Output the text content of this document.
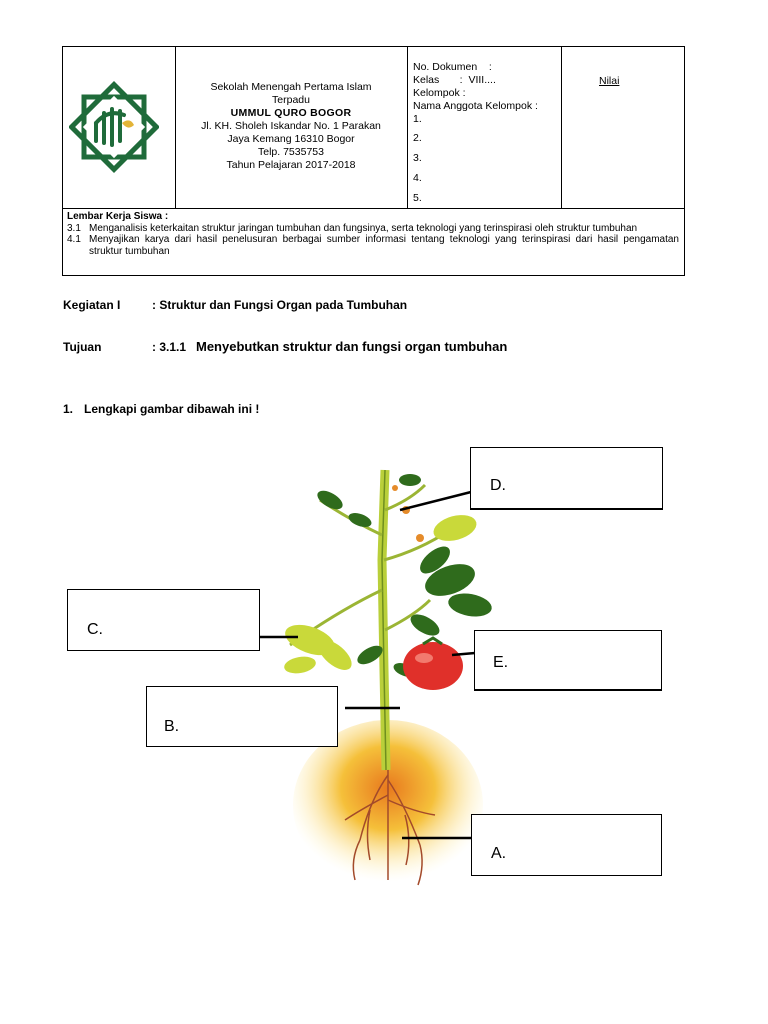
Sekolah Menengah Pertama Islam
Terpadu
UMMUL QURO BOGOR
Jl. KH. Sholeh Iskandar No. 1 Parakan
Jaya Kemang 16310 Bogor
Telp. 7535753
Tahun Pelajaran 2017-2018
No. Dokumen    :
Kelas       :  VIII....
Kelompok :
Nama Anggota Kelompok :
1.
2.
3.
4.
5.
Nilai
Lembar Kerja Siswa :
3.1 Menganalisis keterkaitan struktur jaringan tumbuhan dan fungsinya, serta teknologi yang terinspirasi oleh struktur tumbuhan
4.1 Menyajikan karya dari hasil penelusuran berbagai sumber informasi tentang teknologi yang terinspirasi dari hasil pengamatan struktur tumbuhan
Kegiatan I	: Struktur dan Fungsi Organ pada Tumbuhan
Tujuan	: 3.1.1 Menyebutkan struktur dan fungsi organ tumbuhan
1. Lengkapi gambar dibawah ini !
D.
C.
E.
B.
A.
